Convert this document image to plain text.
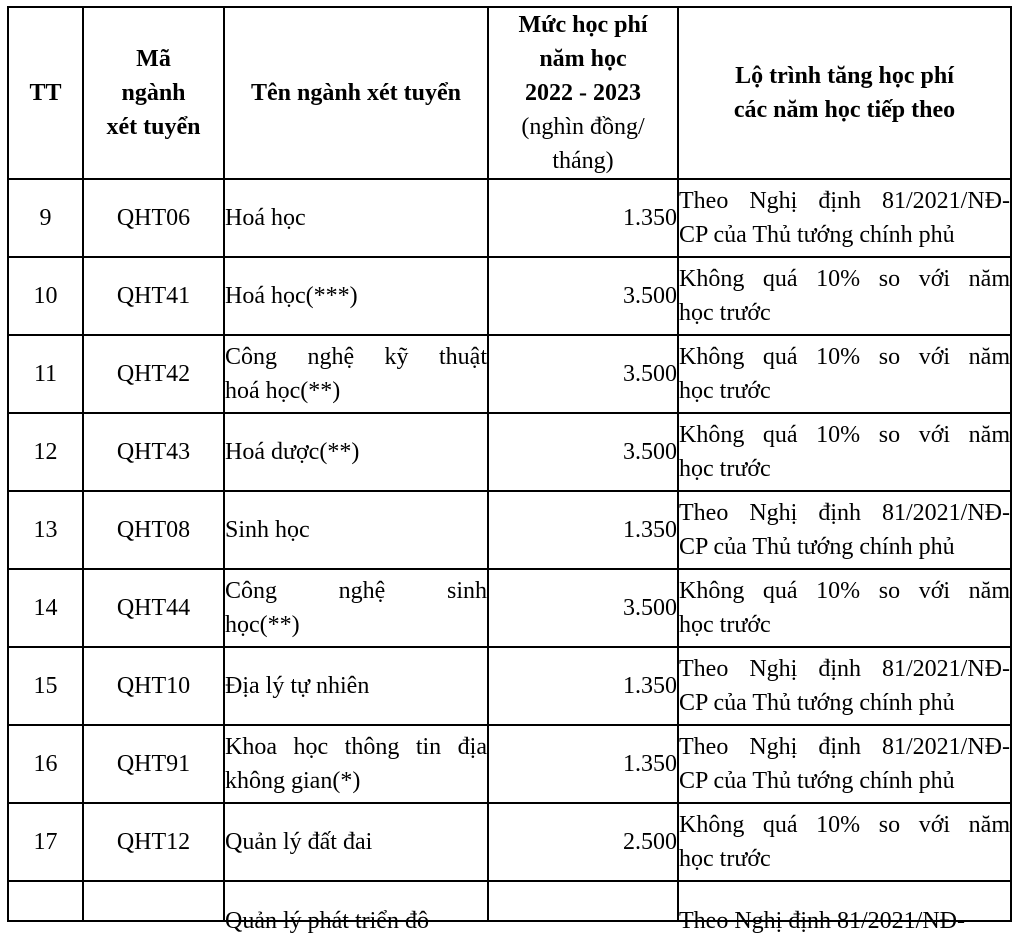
TT	Mã
ngành
xét tuyển	Tên ngành xét tuyển	Mức học phí
năm học
2022 - 2023
(nghìn đồng/
tháng)	Lộ trình tăng học phí
các năm học tiếp theo

9	QHT06	Hoá học	1.350	Theo Nghị định 81/2021/NĐ-
CP của Thủ tướng chính phủ

10	QHT41	Hoá học(***)	3.500	Không quá 10% so với năm
học trước

11	QHT42	Công nghệ kỹ thuật
hoá học(**)	3.500	Không quá 10% so với năm
học trước

12	QHT43	Hoá dược(**)	3.500	Không quá 10% so với năm
học trước

13	QHT08	Sinh học	1.350	Theo Nghị định 81/2021/NĐ-
CP của Thủ tướng chính phủ

14	QHT44	Công nghệ sinh
học(**)	3.500	Không quá 10% so với năm
học trước

15	QHT10	Địa lý tự nhiên	1.350	Theo Nghị định 81/2021/NĐ-
CP của Thủ tướng chính phủ

16	QHT91	Khoa học thông tin địa
không gian(*)	1.350	Theo Nghị định 81/2021/NĐ-
CP của Thủ tướng chính phủ

17	QHT12	Quản lý đất đai	2.500	Không quá 10% so với năm
học trước

		Quản lý phát triển đô		Theo Nghị định 81/2021/NĐ-
